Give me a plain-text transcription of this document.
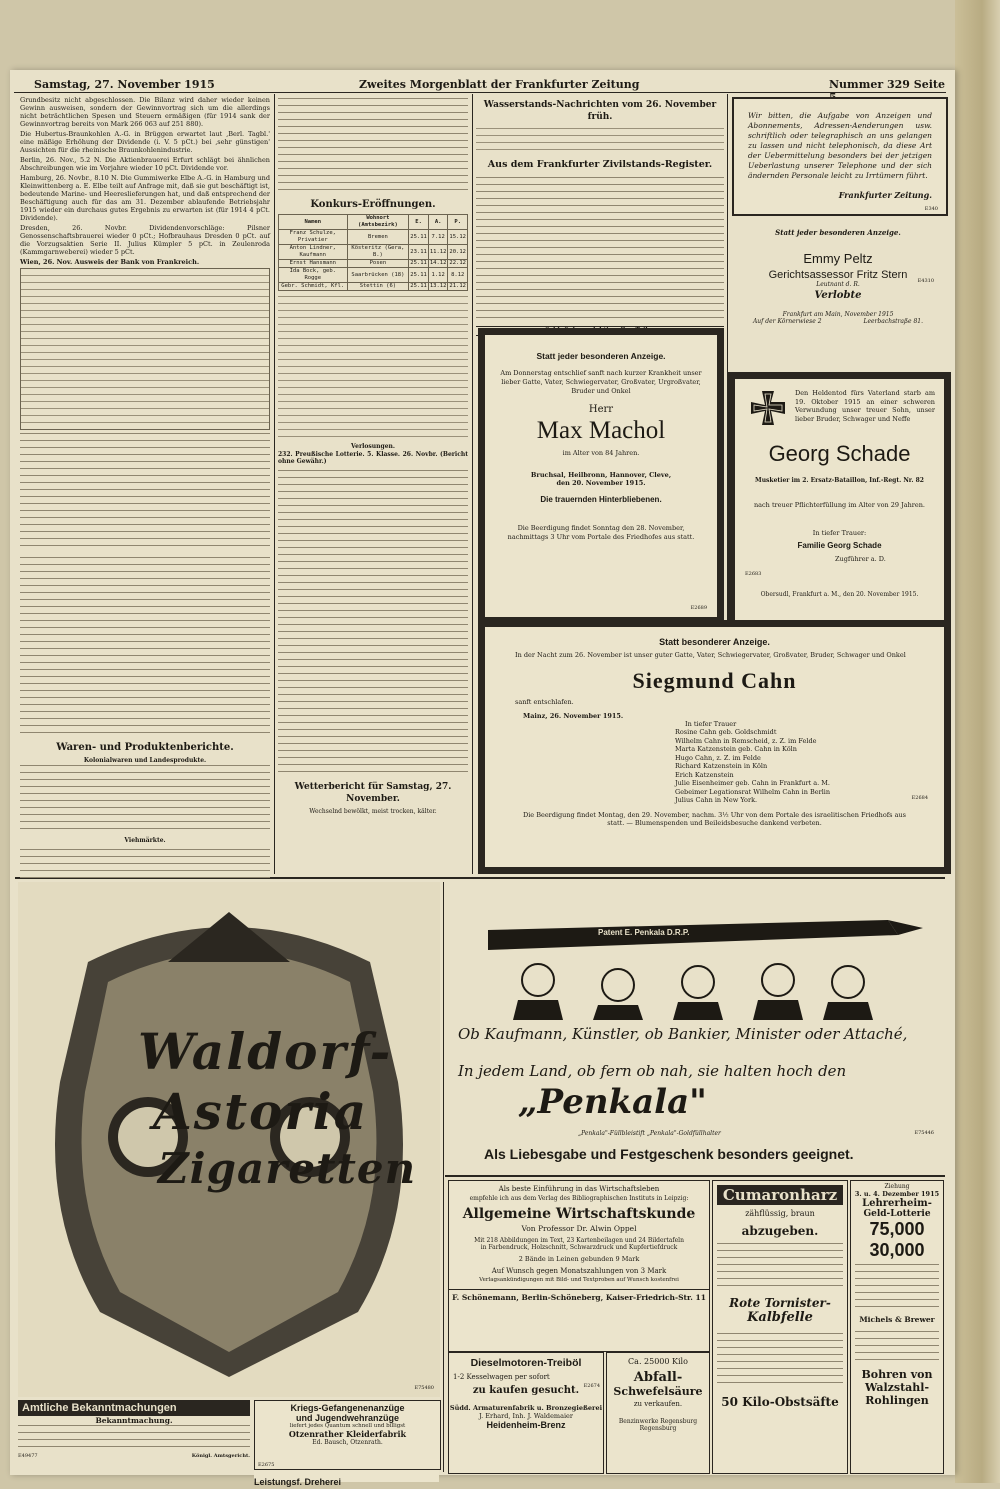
Samstag, 27. November 1915	Zweites Morgenblatt der Frankfurter Zeitung	Nummer 329 Seite

Grundbesitz nicht abgeschlossen. Die Bilanz wird daher wieder keinen Gewinn ausweisen, sondern der Gewinnvortrag sich um die allerdings nicht beträchtlichen Spesen und Steuern ermäßigen (für 1914 sank der Gewinnvortrag bereits von Mark 266 063 auf 251 880).

Die Hubertus-Braunkohlen A.-G. in Brüggen erwartet laut ‚Berl. Tagbl.' eine mäßige Erhöhung der Dividende (i. V. 5 pCt.) bei ‚sehr günstigen' Aussichten für die rheinische Braunkohlenindustrie.

Berlin, 26. Nov., 5.2 N. Die Aktienbrauerei Erfurt schlägt bei ähnlichen Abschreibungen wie im Vorjahre wieder 10 pCt. Dividende vor.

Hamburg, 26. Novbr., 8.10 N. Die Gummiwerke Elbe A.-G. in Hamburg und Kleinwittenberg a. E. Elbe teilt auf Anfrage mit, daß sie gut beschäftigt ist, bedeutende Marine- und Heereslieferungen hat, und daß entsprechend der Beschäftigung auch für das am 31. Dezember ablaufende Betriebsjahr 1915 wieder ein durchaus gutes Ergebnis zu erwarten ist (für 1914 4 pCt. Dividende).

Dresden, 26. Novbr. Dividendenvorschläge: Pilsner Genossenschaftsbrauerei wieder 0 pCt.; Hofbrauhaus Dresden 0 pCt. auf die Vorzugsaktien Serie II. Julius Kümpler 5 pCt. in Zeulenroda (Kammgarnweberei) wieder 5 pCt.

Wien, 26. Nov. Ausweis der Bank von Frankreich.

Waren- und Produktenberichte.
Kolonialwaren und Landesprodukte.

Viehmärkte.

Konkurs-Eröffnungen.
Namen	Wohnort (Amtsbezirk)	E.	A.	P.
Franz Schulze, Privatier	Bremen	25.11	7.12	15.12
Anton Lindner, Kaufmann	Kösteritz (Gera, B.)	23.11	11.12	20.12
Ernst Hansmann	Posen	25.11	14.12	22.12
Ida Bock, geb. Rogge	Saarbrücken (18)	25.11	1.12	8.12
Gebr. Schmidt, Kfl.	Stettin (6)	25.11	13.12	21.12
Verlosungen.

232. Preußische Lotterie. 5. Klasse. 26. Novbr. (Bericht ohne Gewähr.)

Wetterbericht für Samstag, 27. November.
Wechselnd bewölkt, meist trocken, kälter.
Wasserstands-Nachrichten vom 26. November früh.
Aus dem Frankfurter Zivilstands-Register.

Wir bitten, die Aufgabe von Anzeigen und Abonnements, Adressen-Aenderungen usw. schriftlich oder telegraphisch an uns gelangen zu lassen und nicht telephonisch, da diese Art der Uebermittelung besonders bei der jetzigen Ueberlastung unserer Telephone und der sich ändernden Personale leicht zu Irrtümern führt.
Frankfurter Zeitung.
E340
Statt jeder besonderen Anzeige.
Emmy Peltz
Gerichtsassessor Fritz Stern
Leutnant d. R.
Verlobte
Frankfurt am Main, November 1915
Auf der Körnerwiese 2	Leerbachstraße 81.
E4310
Statt jeder besonderen Anzeige.
Am Donnerstag entschlief sanft nach kurzer Krankheit unser lieber Gatte, Vater, Schwiegervater, Großvater, Urgroßvater, Bruder und Onkel
Herr
Max Machol
im Alter von 84 Jahren.
Bruchsal, Heilbronn, Hannover, Cleve,
den 20. November 1915.
Die trauernden Hinterbliebenen.
Die Beerdigung findet Sonntag den 28. November, nachmittags 3 Uhr vom Portale des Friedhofes aus statt.
E2689
Den Heldentod fürs Vaterland starb am 19. Oktober 1915 an einer schweren Verwundung unser treuer Sohn, unser lieber Bruder, Schwager und Neffe
Georg Schade
Musketier im 2. Ersatz-Bataillon, Inf.-Regt. Nr. 82
nach treuer Pflichterfüllung im Alter von 29 Jahren.
In tiefer Trauer:
Familie Georg Schade
Zugführer a. D.
E2683
Obersudl, Frankfurt a. M., den 20. November 1915.
Statt besonderer Anzeige.
In der Nacht zum 26. November ist unser guter Gatte, Vater, Schwiegervater, Großvater, Bruder, Schwager und Onkel
Siegmund Cahn
sanft entschlafen.
Mainz, 26. November 1915.
In tiefer Trauer
Rosine Cahn geb. Goldschmidt
Wilhelm Cahn in Remscheid, z. Z. im Felde
Marta Katzenstein geb. Cahn in Köln
Hugo Cahn, z. Z. im Felde
Richard Katzenstein in Köln
Erich Katzenstein
Julie Eisenheimer geb. Cahn in Frankfurt a. M.
Gebeimer Legationsrat Wilhelm Cahn in Berlin
Julius Cahn in New York.	E2684
Die Beerdigung findet Montag, den 29. November, nachm. 3½ Uhr von dem Portale des israelitischen Friedhofs aus statt. — Blumenspenden und Beileidsbesuche dankend verbeten.
Waldorf-
Astoria
Zigaretten
E75480
Patent E. Penkala D.R.P.
Ob Kaufmann, Künstler, ob Bankier, Minister oder Attaché,
In jedem Land, ob fern ob nah, sie halten hoch den
„Penkala"
„Penkala"-Füllbleistift „Penkala"-Goldfüllhalter	E75446
Als Liebesgabe und Festgeschenk besonders geeignet.
Amtliche Bekanntmachungen
Bekanntmachung.
E49477	Königl. Amtsgericht.
Kriegs-Gefangenenanzüge
und Jugendwehranzüge
liefert jedes Quantum schnell und billigst
Otzenrather Kleiderfabrik
Ed. Bausch, Otzenrath.
E2675
Als beste Einführung in das Wirtschaftsleben
empfehle ich aus dem Verlag des Bibliographischen Instituts in Leipzig:
Allgemeine Wirtschaftskunde
Von Professor Dr. Alwin Oppel
Mit 218 Abbildungen im Text, 23 Kartenbeilagen und 24 Bildertafeln
in Farbendruck, Holzschnitt, Schwarzdruck und Kupfertiefdruck
2 Bände in Leinen gebunden 9 Mark
Auf Wunsch gegen Monatszahlungen von 3 Mark
Verlagsankündigungen mit Bild- und Textproben auf Wunsch kostenfrei
F. Schönemann, Berlin-Schöneberg, Kaiser-Friedrich-Str. 11
Dieselmotoren-Treiböl
1-2 Kesselwagen per sofort
zu kaufen gesucht.
Südd. Armaturenfabrik u. Bronzegießerei
J. Erhard, Inh. J. Waldemaier
Heidenheim-Brenz
E2674
Ca. 25000 Kilo
Abfall-
Schwefelsäure
zu verkaufen.
Benzinwerke Regensburg
Regensburg
Cumaronharz
zähflüssig, braun
abzugeben.
Rote Tornister-
Kalbfelle
50 Kilo-Obstsäfte
Ziehung
3. u. 4. Dezember 1915
Lehrerheim-
Geld-Lotterie
75,000
30,000
Michels & Brewer
Bohren von
Walzstahl-
Rohlingen
Leistungsf. Dreherei
